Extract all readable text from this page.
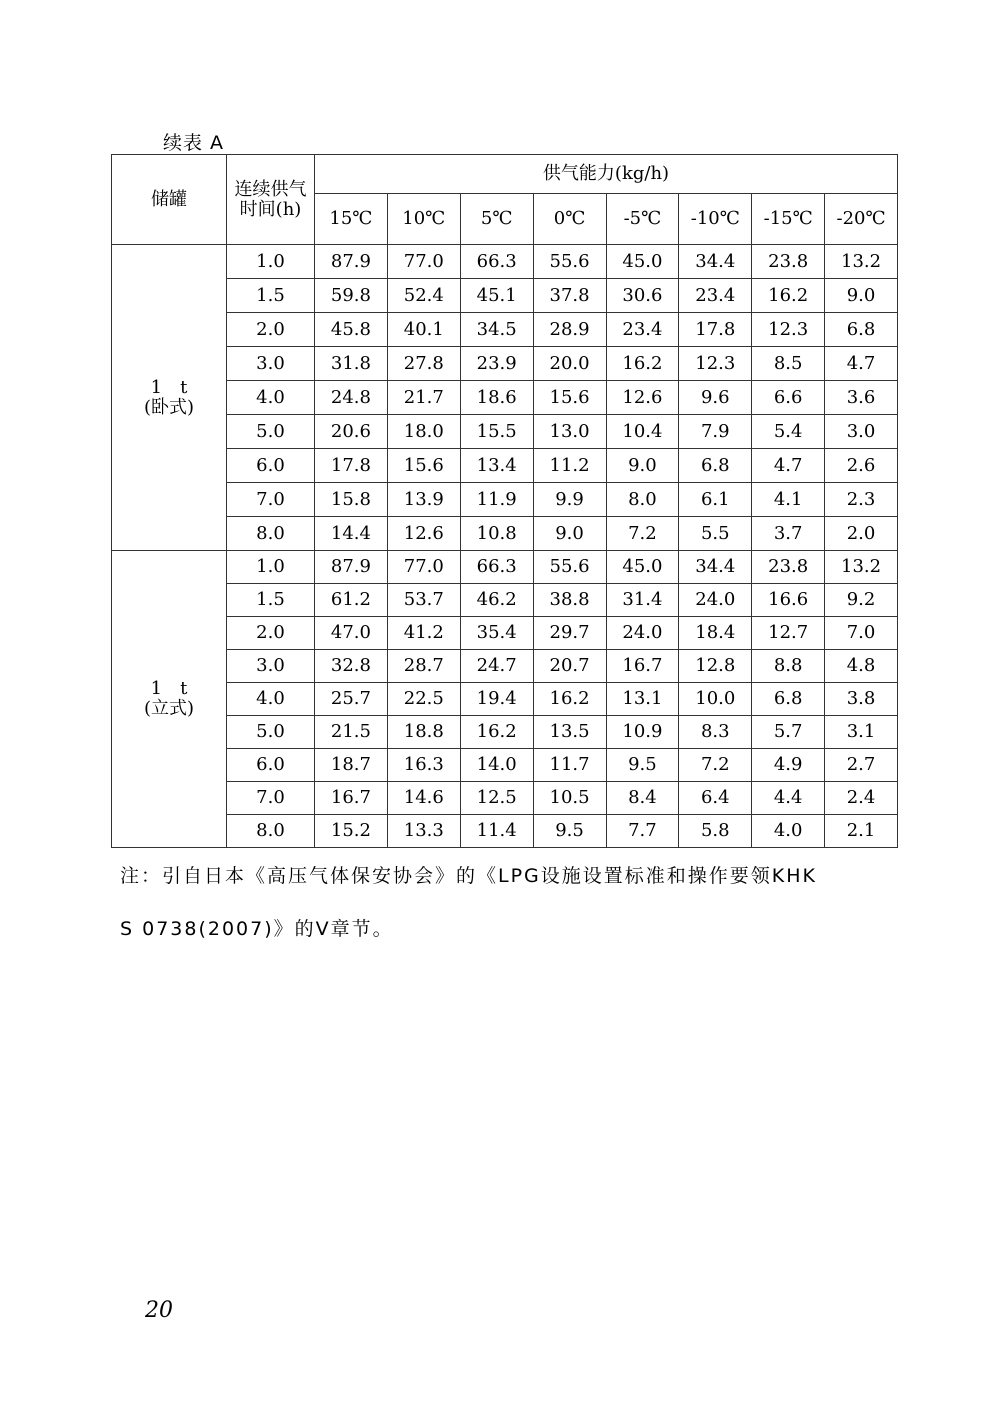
续表 A
储罐	连续供气时间(h)	供气能力(kg/h)							
		15℃	10℃	5℃	0℃	-5℃	-10℃	-15℃	-20℃

1　t
(卧式)	1.0	87.9	77.0	66.3	55.6	45.0	34.4	23.8	13.2
	1.5	59.8	52.4	45.1	37.8	30.6	23.4	16.2	9.0
	2.0	45.8	40.1	34.5	28.9	23.4	17.8	12.3	6.8
	3.0	31.8	27.8	23.9	20.0	16.2	12.3	8.5	4.7
	4.0	24.8	21.7	18.6	15.6	12.6	9.6	6.6	3.6
	5.0	20.6	18.0	15.5	13.0	10.4	7.9	5.4	3.0
	6.0	17.8	15.6	13.4	11.2	9.0	6.8	4.7	2.6
	7.0	15.8	13.9	11.9	9.9	8.0	6.1	4.1	2.3
	8.0	14.4	12.6	10.8	9.0	7.2	5.5	3.7	2.0

1　t
(立式)	1.0	87.9	77.0	66.3	55.6	45.0	34.4	23.8	13.2
	1.5	61.2	53.7	46.2	38.8	31.4	24.0	16.6	9.2
	2.0	47.0	41.2	35.4	29.7	24.0	18.4	12.7	7.0
	3.0	32.8	28.7	24.7	20.7	16.7	12.8	8.8	4.8
	4.0	25.7	22.5	19.4	16.2	13.1	10.0	6.8	3.8
	5.0	21.5	18.8	16.2	13.5	10.9	8.3	5.7	3.1
	6.0	18.7	16.3	14.0	11.7	9.5	7.2	4.9	2.7
	7.0	16.7	14.6	12.5	10.5	8.4	6.4	4.4	2.4
	8.0	15.2	13.3	11.4	9.5	7.7	5.8	4.0	2.1
注：引自日本《高压气体保安协会》的《LPG设施设置标准和操作要领KHK
S 0738(2007)》的Ⅴ章节。
20
